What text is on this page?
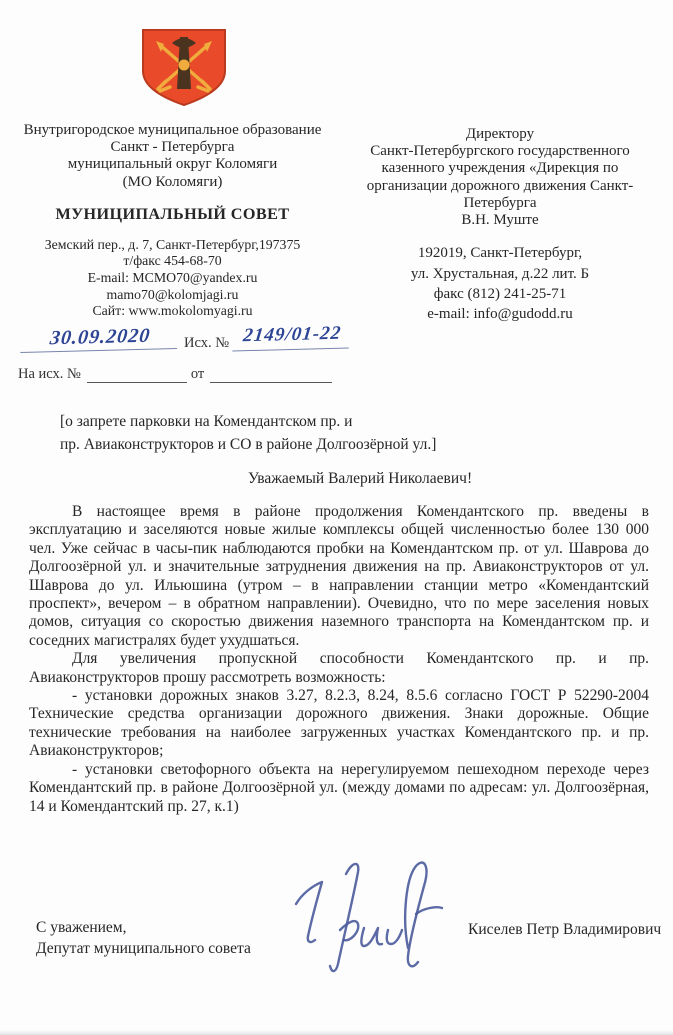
Внутригородское муниципальное образование
Санкт - Петербурга
муниципальный округ Коломяги
(МО Коломяги)
МУНИЦИПАЛЬНЫЙ СОВЕТ
Земский пер., д. 7, Санкт-Петербург,197375
т/факс 454-68-70
E-mail: MCMO70@yandex.ru
mamo70@kolomjagi.ru
Сайт: www.mokolomyagi.ru
Директору
Санкт-Петербургского государственного
казенного учреждения «Дирекция по
организации дорожного движения Санкт-
Петербурга
В.Н. Муште
192019, Санкт-Петербург,
ул. Хрустальная, д.22 лит. Б
факс (812) 241-25-71
e-mail: info@gudodd.ru
30.09.2020	Исх. № 2149/01-22
На исх. №	от
[о запрете парковки на Комендантском пр. и
пр. Авиаконструкторов и СО в районе Долгоозёрной ул.]
Уважаемый Валерий Николаевич!

В настоящее время в районе продолжения Комендантского пр. введены в эксплуатацию и заселяются новые жилые комплексы общей численностью более 130 000 чел. Уже сейчас в часы-пик наблюдаются пробки на Комендантском пр. от ул. Шаврова до Долгоозёрной ул. и значительные затруднения движения на пр. Авиаконструкторов от ул. Шаврова до ул. Ильюшина (утром – в направлении станции метро «Комендантский проспект», вечером – в обратном направлении). Очевидно, что по мере заселения новых домов, ситуация со скоростью движения наземного транспорта на Комендантском пр. и соседних магистралях будет ухудшаться.

Для увеличения пропускной способности Комендантского пр. и пр. Авиаконструкторов прошу рассмотреть возможность:

- установки дорожных знаков 3.27, 8.2.3, 8.24, 8.5.6 согласно ГОСТ Р 52290-2004 Технические средства организации дорожного движения. Знаки дорожные. Общие технические требования на наиболее загруженных участках Комендантского пр. и пр. Авиаконструкторов;

- установки светофорного объекта на нерегулируемом пешеходном переходе через Комендантский пр. в районе Долгоозёрной ул. (между домами по адресам: ул. Долгоозёрная, 14 и Комендантский пр. 27, к.1)

С уважением,
Депутат муниципального совета
Киселев Петр Владимирович
